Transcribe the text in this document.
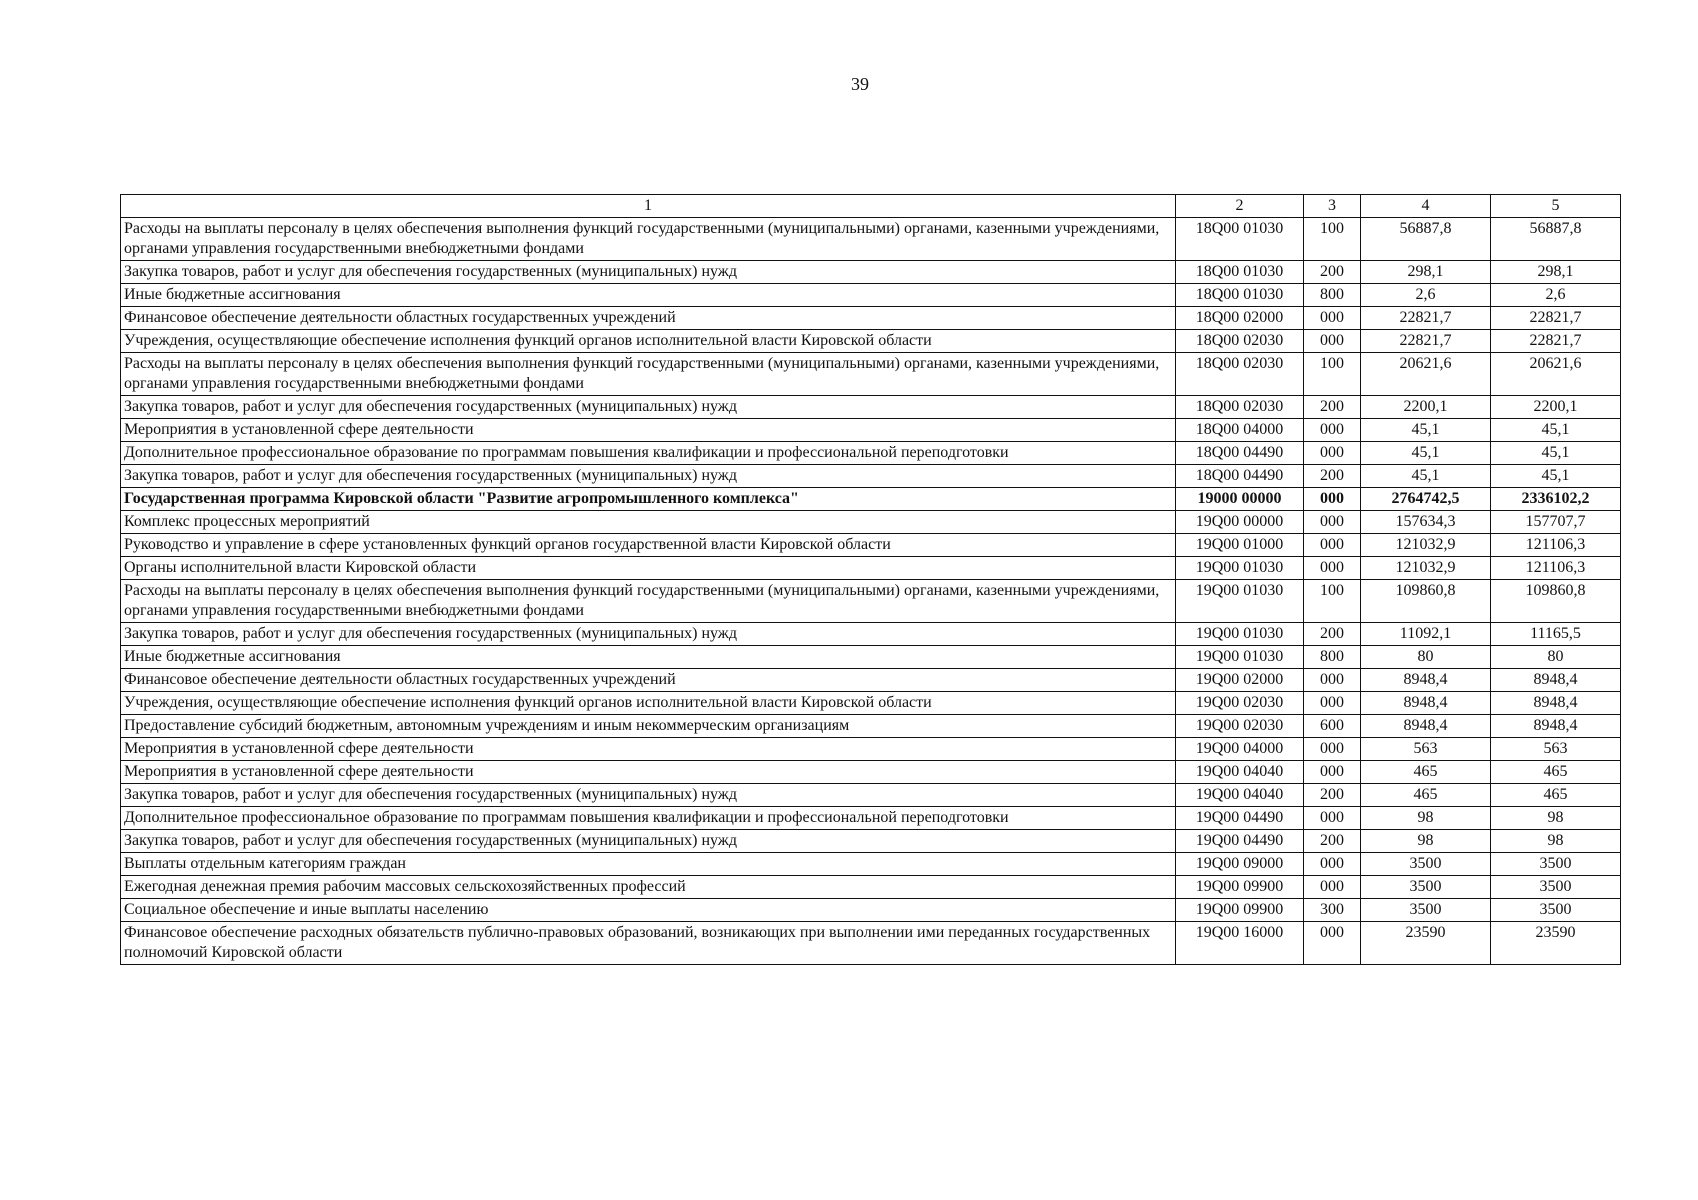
39
1	2	3	4	5
Расходы на выплаты персоналу в целях обеспечения выполнения функций государственными (муниципальными) органами, казенными учреждениями, органами управления государственными внебюджетными фондами	18Q00 01030	100	56887,8	56887,8
Закупка товаров, работ и услуг для обеспечения государственных (муниципальных) нужд	18Q00 01030	200	298,1	298,1
Иные бюджетные ассигнования	18Q00 01030	800	2,6	2,6
Финансовое обеспечение деятельности областных государственных учреждений	18Q00 02000	000	22821,7	22821,7
Учреждения, осуществляющие обеспечение исполнения функций органов исполнительной власти Кировской области	18Q00 02030	000	22821,7	22821,7
Расходы на выплаты персоналу в целях обеспечения выполнения функций государственными (муниципальными) органами, казенными учреждениями, органами управления государственными внебюджетными фондами	18Q00 02030	100	20621,6	20621,6
Закупка товаров, работ и услуг для обеспечения государственных (муниципальных) нужд	18Q00 02030	200	2200,1	2200,1
Мероприятия в установленной сфере деятельности	18Q00 04000	000	45,1	45,1
Дополнительное профессиональное образование по программам повышения квалификации и профессиональной переподготовки	18Q00 04490	000	45,1	45,1
Закупка товаров, работ и услуг для обеспечения государственных (муниципальных) нужд	18Q00 04490	200	45,1	45,1
Государственная программа Кировской области "Развитие агропромышленного комплекса"	19000 00000	000	2764742,5	2336102,2
Комплекс процессных мероприятий	19Q00 00000	000	157634,3	157707,7
Руководство и управление в сфере установленных функций органов государственной власти Кировской области	19Q00 01000	000	121032,9	121106,3
Органы исполнительной власти Кировской области	19Q00 01030	000	121032,9	121106,3
Расходы на выплаты персоналу в целях обеспечения выполнения функций государственными (муниципальными) органами, казенными учреждениями, органами управления государственными внебюджетными фондами	19Q00 01030	100	109860,8	109860,8
Закупка товаров, работ и услуг для обеспечения государственных (муниципальных) нужд	19Q00 01030	200	11092,1	11165,5
Иные бюджетные ассигнования	19Q00 01030	800	80	80
Финансовое обеспечение деятельности областных государственных учреждений	19Q00 02000	000	8948,4	8948,4
Учреждения, осуществляющие обеспечение исполнения функций органов исполнительной власти Кировской области	19Q00 02030	000	8948,4	8948,4
Предоставление субсидий бюджетным, автономным учреждениям и иным некоммерческим организациям	19Q00 02030	600	8948,4	8948,4
Мероприятия в установленной сфере деятельности	19Q00 04000	000	563	563
Мероприятия в установленной сфере деятельности	19Q00 04040	000	465	465
Закупка товаров, работ и услуг для обеспечения государственных (муниципальных) нужд	19Q00 04040	200	465	465
Дополнительное профессиональное образование по программам повышения квалификации и профессиональной переподготовки	19Q00 04490	000	98	98
Закупка товаров, работ и услуг для обеспечения государственных (муниципальных) нужд	19Q00 04490	200	98	98
Выплаты отдельным категориям граждан	19Q00 09000	000	3500	3500
Ежегодная денежная премия рабочим массовых сельскохозяйственных профессий	19Q00 09900	000	3500	3500
Социальное обеспечение и иные выплаты населению	19Q00 09900	300	3500	3500
Финансовое обеспечение расходных обязательств публично-правовых образований, возникающих при выполнении ими переданных государственных полномочий Кировской области	19Q00 16000	000	23590	23590
